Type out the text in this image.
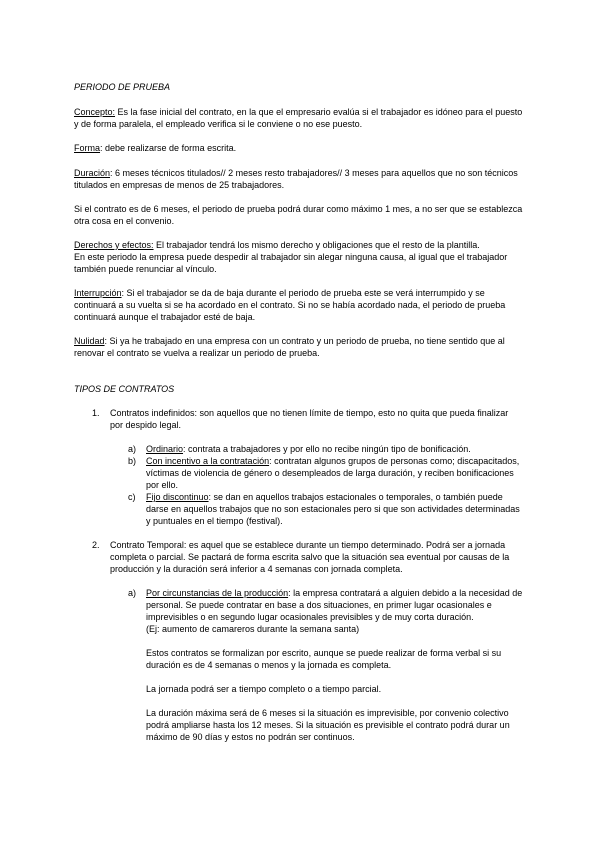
PERIODO DE PRUEBA
Concepto: Es la fase inicial del contrato, en la que el empresario evalúa si el trabajador es idóneo para el puesto
y de forma paralela, el empleado verifica si le conviene o no ese puesto.
Forma: debe realizarse de forma escrita.
Duración: 6 meses técnicos titulados// 2 meses resto trabajadores// 3 meses para aquellos que no son técnicos
titulados en empresas de menos de 25 trabajadores.
Si el contrato es de 6 meses, el periodo de prueba podrá durar como máximo 1 mes, a no ser que se establezca
otra cosa en el convenio.
Derechos y efectos: El trabajador tendrá los mismo derecho y obligaciones que el resto de la plantilla.
En este periodo la empresa puede despedir al trabajador sin alegar ninguna causa, al igual que el trabajador
también puede renunciar al vínculo.
Interrupción: Si el trabajador se da de baja durante el periodo de prueba este se verá interrumpido y se
continuará a su vuelta si se ha acordado en el contrato. Si no se había acordado nada, el periodo de prueba
continuará aunque el trabajador esté de baja.
Nulidad: Si ya he trabajado en una empresa con un contrato y un periodo de prueba, no tiene sentido que al
renovar el contrato se vuelva a realizar un periodo de prueba.
TIPOS DE CONTRATOS
1. Contratos indefinidos: son aquellos que no tienen límite de tiempo, esto no quita que pueda finalizar
por despido legal.
a) Ordinario: contrata a trabajadores y por ello no recibe ningún tipo de bonificación.
b) Con incentivo a la contratación: contratan algunos grupos de personas como; discapacitados,
víctimas de violencia de género o desempleados de larga duración, y reciben bonificaciones
por ello.
c) Fijo discontinuo: se dan en aquellos trabajos estacionales o temporales, o también puede
darse en aquellos trabajos que no son estacionales pero si que son actividades determinadas
y puntuales en el tiempo (festival).
2. Contrato Temporal: es aquel que se establece durante un tiempo determinado. Podrá ser a jornada
completa o parcial. Se pactará de forma escrita salvo que la situación sea eventual por causas de la
producción y la duración será inferior a 4 semanas con jornada completa.
a) Por circunstancias de la producción: la empresa contratará a alguien debido a la necesidad de
personal. Se puede contratar en base a dos situaciones, en primer lugar ocasionales e
imprevisibles o en segundo lugar ocasionales previsibles y de muy corta duración.
(Ej: aumento de camareros durante la semana santa)
Estos contratos se formalizan por escrito, aunque se puede realizar de forma verbal si su
duración es de 4 semanas o menos y la jornada es completa.
La jornada podrá ser a tiempo completo o a tiempo parcial.
La duración máxima será de 6 meses si la situación es imprevisible, por convenio colectivo
podrá ampliarse hasta los 12 meses. Si la situación es previsible el contrato podrá durar un
máximo de 90 días y estos no podrán ser continuos.
